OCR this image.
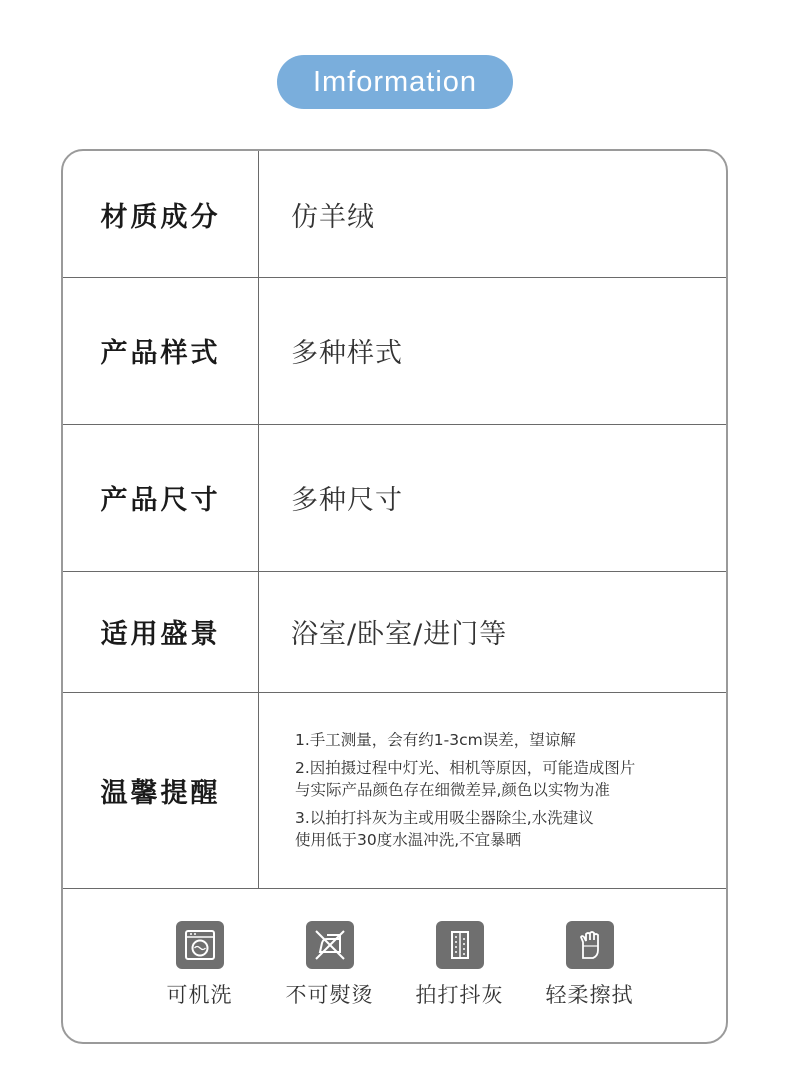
Imformation
材质成分	仿羊绒
产品样式	多种样式
产品尺寸	多种尺寸
适用盛景	浴室/卧室/进门等
温馨提醒
1.手工测量，会有约1-3cm误差，望谅解
2.因拍摄过程中灯光、相机等原因，可能造成图片
与实际产品颜色存在细微差异,颜色以实物为准
3.以拍打抖灰为主或用吸尘器除尘,水洗建议
使用低于30度水温冲洗,不宜暴晒
可机洗	不可熨烫 拍打抖灰 轻柔擦拭
